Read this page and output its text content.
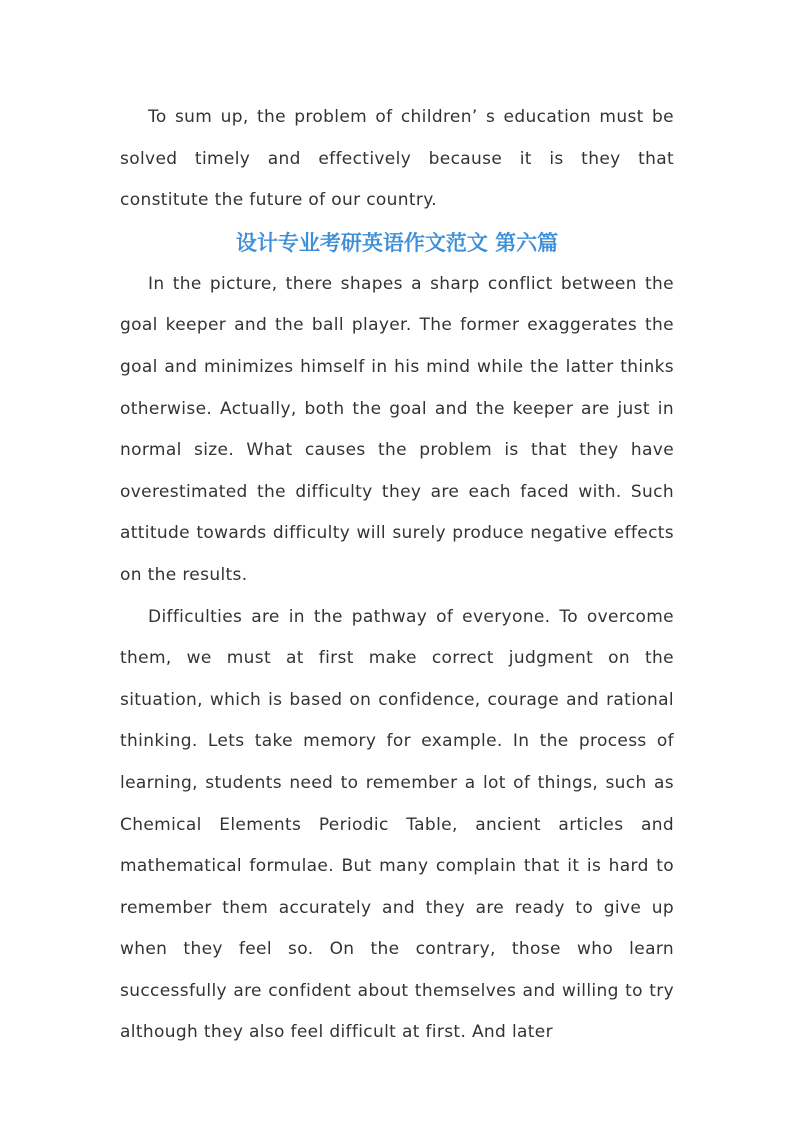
To sum up, the problem of children’ s education must be solved timely and effectively because it is they that constitute the future of our country.

设计专业考研英语作文范文 第六篇

In the picture, there shapes a sharp conflict between the goal keeper and the ball player. The former exaggerates the goal and minimizes himself in his mind while the latter thinks otherwise. Actually, both the goal and the keeper are just in normal size. What causes the problem is that they have overestimated the difficulty they are each faced with. Such attitude towards difficulty will surely produce negative effects on the results.

Difficulties are in the pathway of everyone. To overcome them, we must at first make correct judgment on the situation, which is based on confidence, courage and rational thinking. Lets take memory for example. In the process of learning, students need to remember a lot of things, such as Chemical Elements Periodic Table, ancient articles and mathematical formulae. But many complain that it is hard to remember them accurately and they are ready to give up when they feel so. On the contrary, those who learn successfully are confident about themselves and willing to try although they also feel difficult at first. And later
